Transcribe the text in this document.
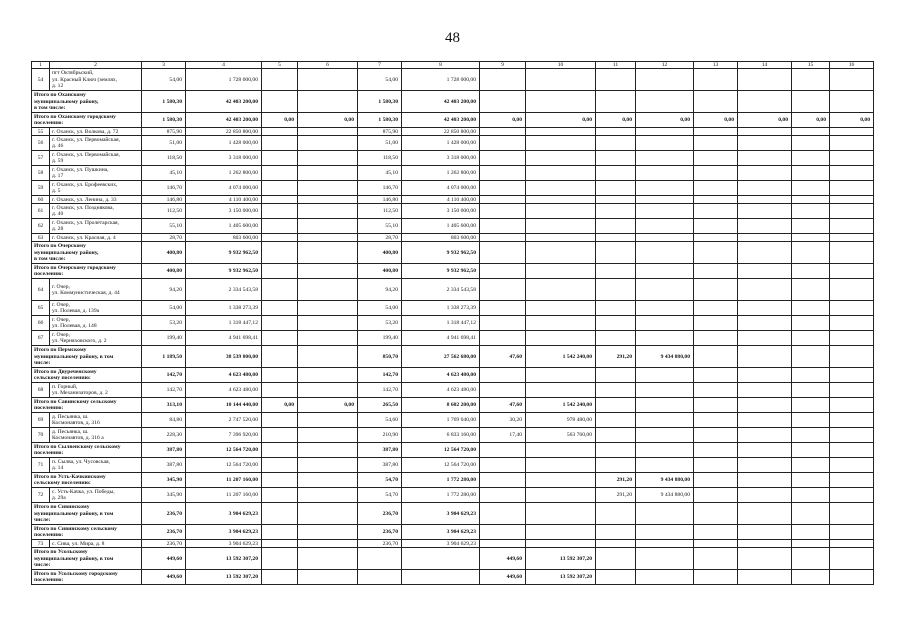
48
1	2	3	4	5	6	7	8	9	10	11	12	13	14	15	16
54	пгт Октябрьский,
ул. Красный Ключ (землях,
д. 12	54,00	1 728 000,00			54,00	1 728 000,00								
Итого по Оханскому
муниципальному району,
в том числе:		1 580,30	42 403 200,00			1 580,30	42 403 200,00								
Итого по Оханскому городскому
поселению:		1 580,30	42 403 200,00	0,00	0,00	1 580,30	42 403 200,00	0,00	0,00	0,00	0,00	0,00	0,00	0,00	0,00
55	г. Оханск, ул. Волкова, д. 72	875,90	22 850 800,00			875,90	22 850 800,00								
56	г. Оханск, ул. Первомайская,
д. 46	51,00	1 428 000,00			51,00	1 428 000,00								
57	г. Оханск, ул. Первомайская,
д. 59	118,50	3 318 000,00			118,50	3 318 000,00								
58	г. Оханск, ул. Пушкина,
д. 17	45,10	1 262 800,00			45,10	1 262 800,00								
59	г. Оханск, ул. Ерофеевских,
д. 5	146,70	4 074 000,00			146,70	4 074 000,00								
60	г. Оханск, ул. Ленина, д. 33	146,80	4 110 400,00			146,80	4 110 400,00								
61	г. Оханск, ул. Позднякова,
д. 40	112,50	3 150 000,00			112,50	3 150 000,00								
62	г. Оханск, ул. Пролетарская,
д. 28	55,10	1 405 600,00			55,10	1 405 600,00								
63	г. Оханск, ул. Красная, д. 4	28,70	803 600,00			28,70	803 600,00								
Итого по Очерскому
муниципальному району,
в том числе:		400,80	9 932 962,50			400,80	9 932 962,50								
Итого по Очерскому городскому
поселению:		400,80	9 932 962,50			400,80	9 932 962,50								
64	г. Очер,
ул. Коммунистическая, д. 44	94,20	2 334 543,58			94,20	2 334 543,58								
65	г. Очер,
ул. Полевая, д. 139а	54,00	1 338 273,39			54,00	1 338 273,39								
66	г. Очер,
ул. Полевая, д. 148	53,20	1 318 447,12			53,20	1 318 447,12								
67	г. Очер,
ул. Черняховского, д. 2	199,40	4 941 698,41			199,40	4 941 698,41								
Итого по Пермскому
муниципальному району, в том
числе:		1 189,50	38 539 800,00			850,70	27 562 680,00	47,60	1 542 240,00	291,20	9 434 880,00				
Итого по Двуреченскому
сельскому поселению:		142,70	4 623 480,00			142,70	4 623 480,00								
68	п. Горный,
ул. Механизаторов, д. 2	142,70	4 623 480,00			142,70	4 623 480,00								
Итого по Савинскому сельскому
поселению:		313,10	10 144 440,00	0,00	0,00	265,50	8 602 200,00	47,60	1 542 240,00						
69	д. Песьянка, ш.
Космонавтов, д. 316	84,80	2 747 520,00			54,60	1 769 040,00	30,20	978 480,00						
70	д. Песьянка, ш.
Космонавтов, д. 316 а	228,30	7 396 920,00			210,90	6 833 160,00	17,40	563 760,00						
Итого по Сылвенскому сельскому
поселению:		387,80	12 564 720,00			387,80	12 564 720,00								
71	п. Сылва, ул. Чусовская,
д. 14	387,80	12 564 720,00			387,80	12 564 720,00								
Итого по Усть-Качкинскому
сельскому поселению:		345,90	11 207 160,00			54,70	1 772 280,00			291,20	9 434 880,00				
72	с. Усть-Качка, ул. Победы,
д. 29а	345,90	11 207 160,00			54,70	1 772 280,00			291,20	9 434 880,00				
Итого по Сивинскому
муниципальному району, в том
числе:		236,70	3 904 629,23			236,70	3 904 629,23								
Итого по Сивинскому сельскому
поселению:		236,70	3 904 629,23			236,70	3 904 629,23								
73	с. Сива, ул. Мира, д. 8	236,70	3 904 629,23			236,70	3 904 629,23								
Итого по Усольскому
муниципальному району, в том
числе:		449,60	13 592 307,20					449,60	13 592 307,20						
Итого по Усольскому городскому
поселению:		449,60	13 592 307,20					449,60	13 592 307,20						
